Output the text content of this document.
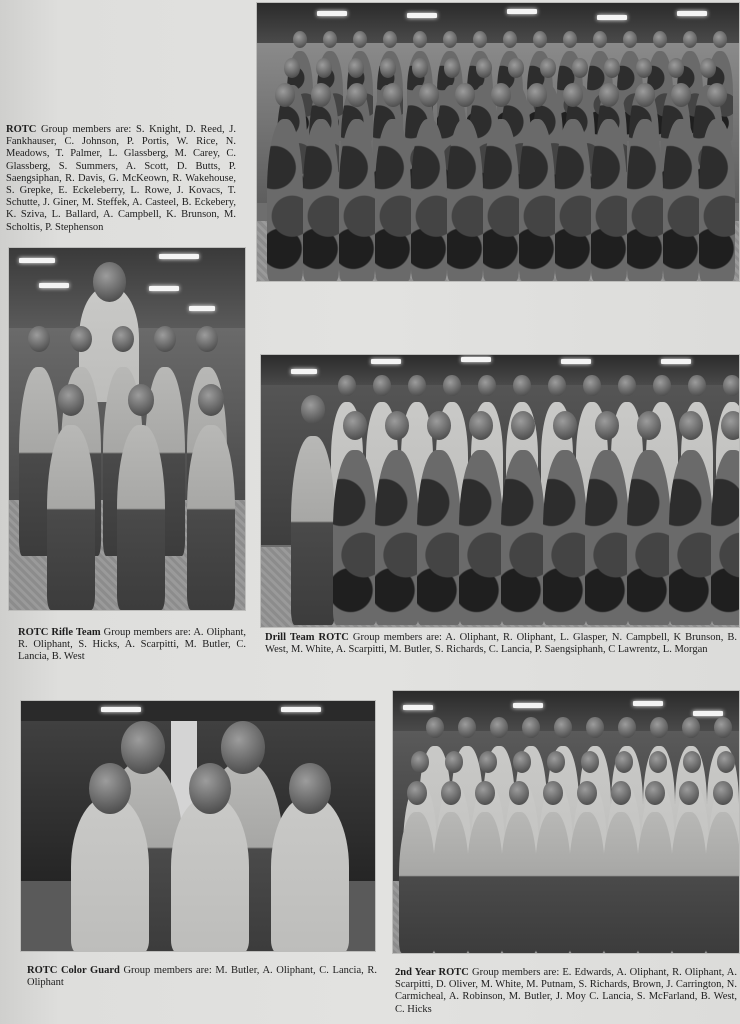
ROTC Group members are: S. Knight, D. Reed, J. Fankhauser, C. Johnson, P. Portis, W. Rice, N. Meadows, T. Palmer, L. Glassberg, M. Carey, C. Glassberg, S. Summers, A. Scott, D. Butts, P. Saengsiphan, R. Davis, G. McKeown, R. Wakehouse, S. Grepke, E. Eckeleberry, L. Rowe, J. Kovacs, T. Schutte, J. Giner, M. Steffek, A. Casteel, B. Eckebery, K. Sziva, L. Ballard, A. Campbell, K. Brunson, M. Scholtis, P. Stephenson
ROTC Rifle Team Group members are: A. Oliphant, R. Oliphant, S. Hicks, A. Scarpitti, M. Butler, C. Lancia, B. West
Drill Team ROTC Group members are: A. Oliphant, R. Oliphant, L. Glasper, N. Campbell, K Brunson, B. West, M. White, A. Scarpitti, M. Butler, S. Richards, C. Lancia, P. Saengsiphanh, C Lawrentz, L. Morgan
ROTC Color Guard Group members are: M. Butler, A. Oliphant, C. Lancia, R. Oliphant
2nd Year ROTC Group members are: E. Edwards, A. Oliphant, R. Oliphant, A. Scarpitti, D. Oliver, M. White, M. Putnam, S. Richards, Brown, J. Carrington, N. Carmicheal, A. Robinson, M. Butler, J. Moy C. Lancia, S. McFarland, B. West, C. Hicks
